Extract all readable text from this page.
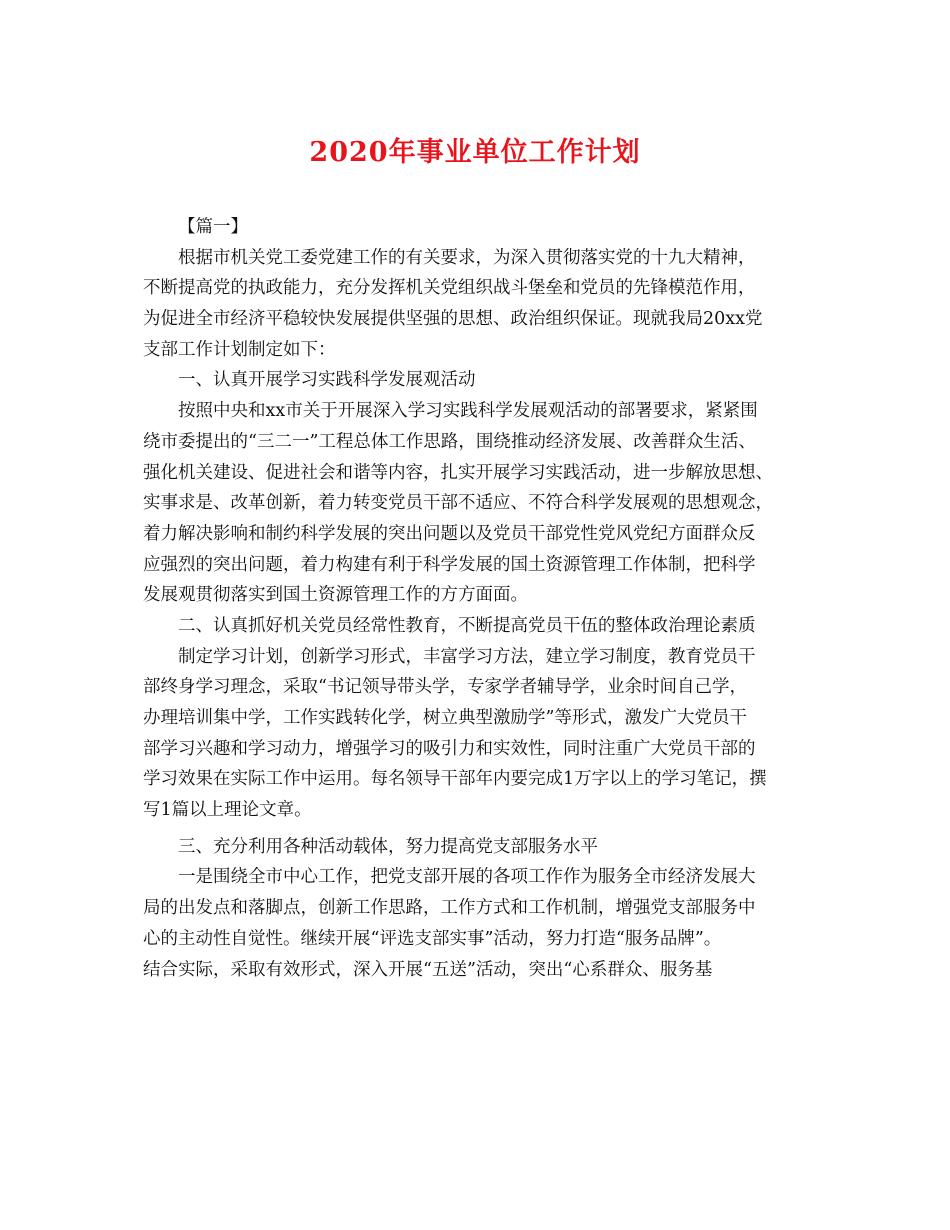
2020年事业单位工作计划
【篇一】
根据市机关党工委党建工作的有关要求，为深入贯彻落实党的十九大精神，
不断提高党的执政能力，充分发挥机关党组织战斗堡垒和党员的先锋模范作用，
为促进全市经济平稳较快发展提供坚强的思想、政治组织保证。现就我局20xx党
支部工作计划制定如下：
一、认真开展学习实践科学发展观活动
按照中央和xx市关于开展深入学习实践科学发展观活动的部署要求，紧紧围
绕市委提出的“三二一”工程总体工作思路，围绕推动经济发展、改善群众生活、
强化机关建设、促进社会和谐等内容，扎实开展学习实践活动，进一步解放思想、
实事求是、改革创新，着力转变党员干部不适应、不符合科学发展观的思想观念，
着力解决影响和制约科学发展的突出问题以及党员干部党性党风党纪方面群众反
应强烈的突出问题，着力构建有利于科学发展的国土资源管理工作体制，把科学
发展观贯彻落实到国土资源管理工作的方方面面。
二、认真抓好机关党员经常性教育，不断提高党员干伍的整体政治理论素质
制定学习计划，创新学习形式，丰富学习方法，建立学习制度，教育党员干
部终身学习理念，采取“书记领导带头学，专家学者辅导学，业余时间自己学，
办理培训集中学，工作实践转化学，树立典型激励学”等形式，激发广大党员干
部学习兴趣和学习动力，增强学习的吸引力和实效性，同时注重广大党员干部的
学习效果在实际工作中运用。每名领导干部年内要完成1万字以上的学习笔记，撰
写1篇以上理论文章。
三、充分利用各种活动载体，努力提高党支部服务水平
一是围绕全市中心工作，把党支部开展的各项工作作为服务全市经济发展大
局的出发点和落脚点，创新工作思路，工作方式和工作机制，增强党支部服务中
心的主动性自觉性。继续开展“评选支部实事”活动，努力打造“服务品牌”。
结合实际，采取有效形式，深入开展“五送”活动，突出“心系群众、服务基
